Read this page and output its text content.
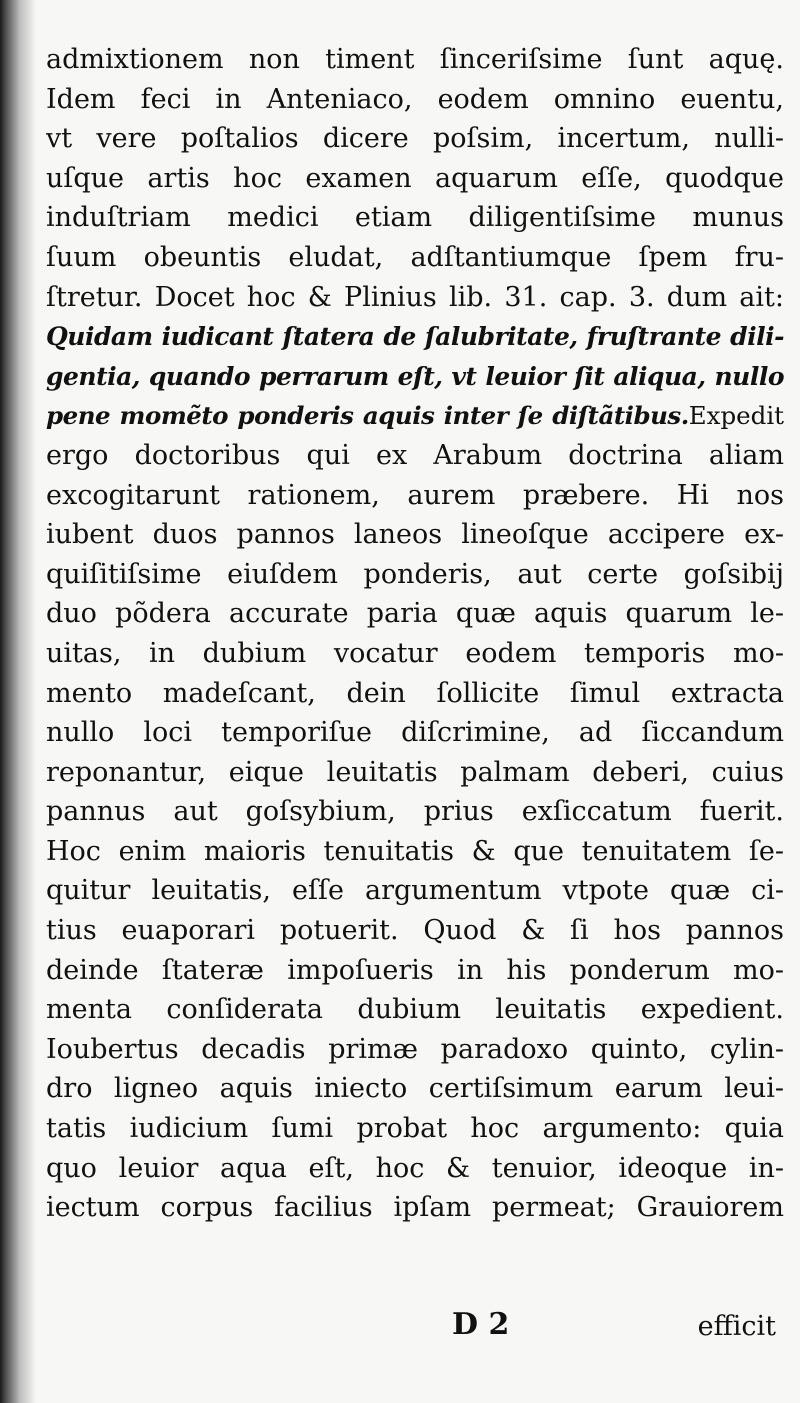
admixtionem non timent ſinceriſsime ſunt aquę.
Idem feci in Anteniaco, eodem omnino euentu,
vt vere poſtalios dicere poſsim, incertum, nulli-
uſque artis hoc examen aquarum eſſe, quodque
induſtriam medici etiam diligentiſsime munus
ſuum obeuntis eludat, adſtantiumque ſpem fru-
ſtretur. Docet hoc & Plinius lib. 31. cap. 3. dum ait:
Quidam iudicant ſtatera de ſalubritate, fruſtrante dili-
gentia, quando perrarum eſt, vt leuior ſit aliqua, nullo
pene momẽto ponderis aquis inter ſe diſtãtibus.Expedit
ergo doctoribus qui ex Arabum doctrina aliam
excogitarunt rationem, aurem præbere. Hi nos
iubent duos pannos laneos lineoſque accipere ex-
quiſitiſsime eiuſdem ponderis, aut certe goſsibij
duo põdera accurate paria quæ aquis quarum le-
uitas, in dubium vocatur eodem temporis mo-
mento madeſcant, dein ſollicite ſimul extracta
nullo loci temporiſue diſcrimine, ad ſiccandum
reponantur, eique leuitatis palmam deberi, cuius
pannus aut goſsybium, prius exſiccatum fuerit.
Hoc enim maioris tenuitatis & que tenuitatem ſe-
quitur leuitatis, eſſe argumentum vtpote quæ ci-
tius euaporari potuerit. Quod & ſi hos pannos
deinde ſtateræ impoſueris in his ponderum mo-
menta conſiderata dubium leuitatis expedient.
Ioubertus decadis primæ paradoxo quinto, cylin-
dro ligneo aquis iniecto certiſsimum earum leui-
tatis iudicium ſumi probat hoc argumento: quia
quo leuior aqua eſt, hoc & tenuior, ideoque in-
iectum corpus facilius ipſam permeat; Grauiorem
D 2	efficit
